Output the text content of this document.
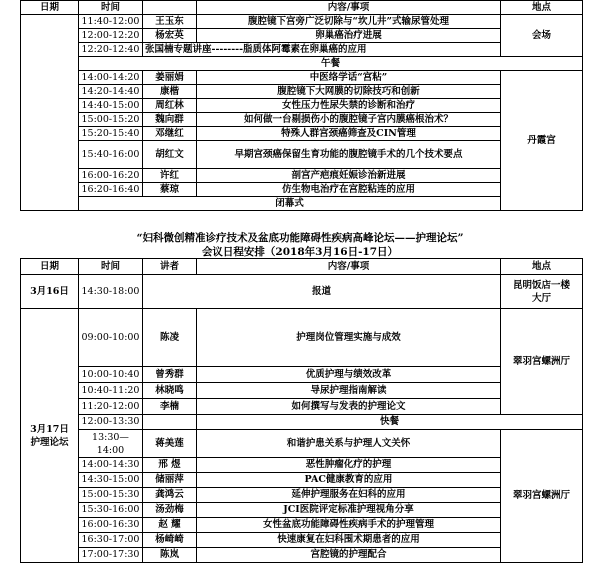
日期	时间		内容/事项	地点
	11:40-12:00	王玉东	腹腔镜下宫旁广泛切除与“坎儿井”式输尿管处理	会场
	12:00-12:20	杨宏英	卵巢癌治疗进展	
	12:20-12:40	张国楠专题讲座--------脂质体阿霉素在卵巢癌的应用		
	午餐			
	14:00-14:20	姜丽娟	中医络学话“宫粘”	丹霞宫
	14:20-14:40	康楷	腹腔镜下大网膜的切除技巧和创新	
	14:40-15:00	周红林	女性压力性尿失禁的诊断和治疗	
	15:00-15:20	魏向群	如何做一台剔损伤小的腹腔镜子宫内膜癌根治术？	
	15:20-15:40	邓继红	特殊人群宫颈癌筛查及CIN管理	
	15:40-16:00	胡红文	早期宫颈癌保留生育功能的腹腔镜手术的几个技术要点	
	16:00-16:20	许红	剖宫产疤痕妊娠诊治新进展	
	16:20-16:40	蔡琼	仿生物电治疗在宫腔粘连的应用	
	闭幕式			
“妇科微创精准诊疗技术及盆底功能障碍性疾病高峰论坛——护理论坛”
会议日程安排（2018年3月16日-17日）
日期	时间	讲者	内容/事项	地点
3月16日	14:30-18:00	报道		昆明饭店一楼
大厅
3月17日
护理论坛	09:00-10:00	陈凌	护理岗位管理实施与成效	翠羽宫螺洲厅
	10:00-10:40	曾秀群	优质护理与绩效改革	
	10:40-11:20	林晓鸣	导尿护理指南解读	
	11:20-12:00	李楠	如何撰写与发表的护理论文	
	12:00-13:30		快餐	
	13:30—
14:00	蒋美莲	和谐护患关系与护理人文关怀	翠羽宫螺洲厅
	14:00-14:30	邢 煜	恶性肿瘤化疗的护理	
	14:30-15:00	储丽萍	PAC健康教育的应用	
	15:00-15:30	龚鸿云	延伸护理服务在妇科的应用	
	15:30-16:00	汤劲梅	JCI医院评定标准护理视角分享	
	16:00-16:30	赵 耀	女性盆底功能障碍性疾病手术的护理管理	
	16:30-17:00	杨崎崎	快速康复在妇科围术期患者的应用	
	17:00-17:30	陈岚	宫腔镜的护理配合	
